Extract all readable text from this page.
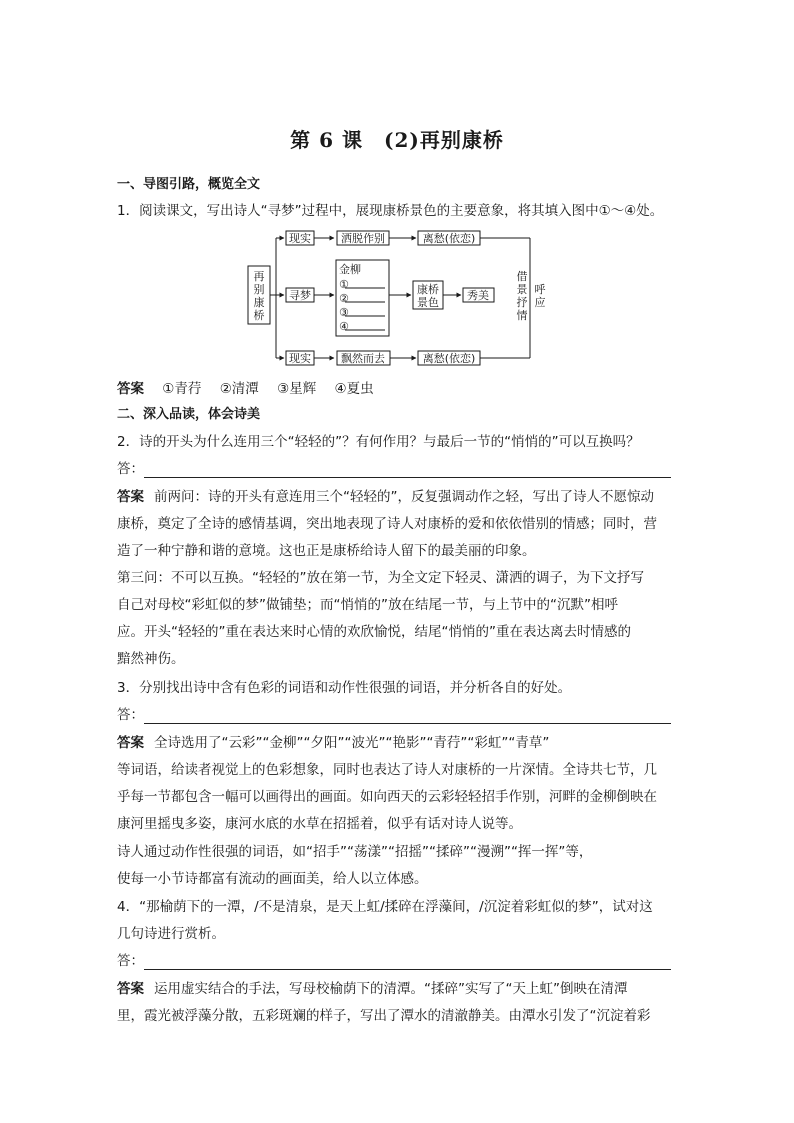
第 6 课　(2)再别康桥
一、导图引路，概览全文
1．阅读课文，写出诗人“寻梦”过程中，展现康桥景色的主要意象，将其填入图中①～④处。
再
别
康
桥
现实	洒脱作别	离愁(依恋)
寻梦
金柳
①
②
③
④
康桥
景色
秀美
现实	飘然而去	离愁(依恋)
借
景
抒
情
呼
应
答案 ①青荇 ②清潭 ③星辉 ④夏虫
二、深入品读，体会诗美
2．诗的开头为什么连用三个“轻轻的”？有何作用？与最后一节的“悄悄的”可以互换吗？
答：
答案 前两问：诗的开头有意连用三个“轻轻的”，反复强调动作之轻，写出了诗人不愿惊动
康桥，奠定了全诗的感情基调，突出地表现了诗人对康桥的爱和依依惜别的情感；同时，营
造了一种宁静和谐的意境。这也正是康桥给诗人留下的最美丽的印象。
第三问：不可以互换。“轻轻的”放在第一节，为全文定下轻灵、潇洒的调子，为下文抒写
自己对母校“彩虹似的梦”做铺垫；而“悄悄的”放在结尾一节，与上节中的“沉默”相呼
应。开头“轻轻的”重在表达来时心情的欢欣愉悦，结尾“悄悄的”重在表达离去时情感的
黯然神伤。
3．分别找出诗中含有色彩的词语和动作性很强的词语，并分析各自的好处。
答：
答案 全诗选用了“云彩”“金柳”“夕阳”“波光”“艳影”“青荇”“彩虹”“青草”
等词语，给读者视觉上的色彩想象，同时也表达了诗人对康桥的一片深情。全诗共七节，几
乎每一节都包含一幅可以画得出的画面。如向西天的云彩轻轻招手作别，河畔的金柳倒映在
康河里摇曳多姿，康河水底的水草在招摇着，似乎有话对诗人说等。
诗人通过动作性很强的词语，如“招手”“荡漾”“招摇”“揉碎”“漫溯”“挥一挥”等，
使每一小节诗都富有流动的画面美，给人以立体感。
4．“那榆荫下的一潭，/不是清泉，是天上虹/揉碎在浮藻间，/沉淀着彩虹似的梦”，试对这
几句诗进行赏析。
答：
答案 运用虚实结合的手法，写母校榆荫下的清潭。“揉碎”实写了“天上虹”倒映在清潭
里，霞光被浮藻分散，五彩斑斓的样子，写出了潭水的清澈静美。由潭水引发了“沉淀着彩
